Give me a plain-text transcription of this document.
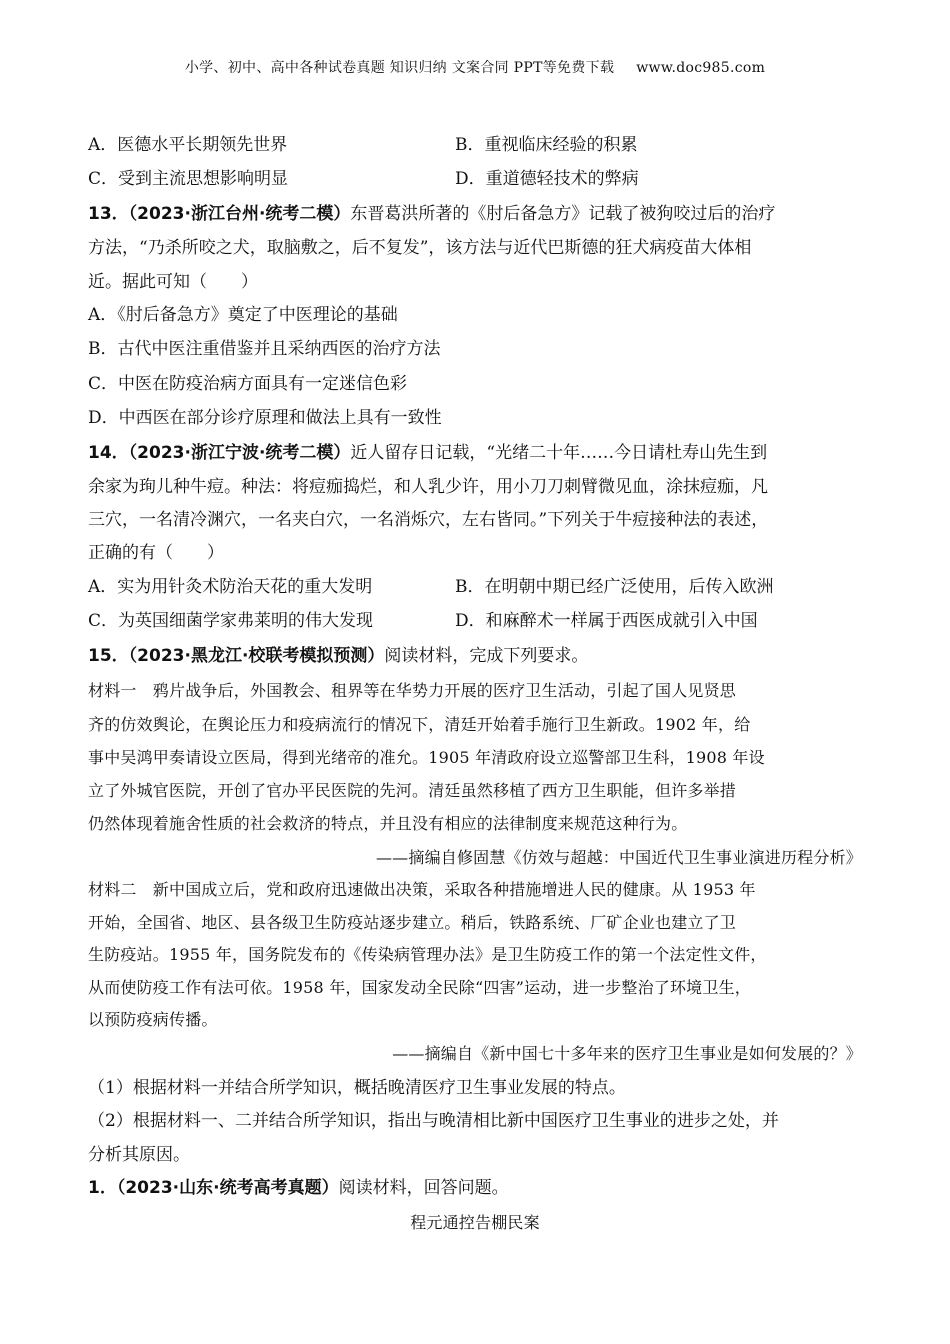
小学、初中、高中各种试卷真题 知识归纳 文案合同 PPT等免费下载 www.doc985.com
A．医德水平长期领先世界	B．重视临床经验的积累
C．受到主流思想影响明显	D．重道德轻技术的弊病
13．（2023·浙江台州·统考二模）东晋葛洪所著的《肘后备急方》记载了被狗咬过后的治疗
方法，“乃杀所咬之犬，取脑敷之，后不复发”，该方法与近代巴斯德的狂犬病疫苗大体相
近。据此可知（　　）
A．《肘后备急方》奠定了中医理论的基础
B．古代中医注重借鉴并且采纳西医的治疗方法
C．中医在防疫治病方面具有一定迷信色彩
D．中西医在部分诊疗原理和做法上具有一致性
14．（2023·浙江宁波·统考二模）近人留存日记载，“光绪二十年……今日请杜寿山先生到
余家为珣儿种牛痘。种法：将痘痂捣烂，和人乳少许，用小刀刀刺臂微见血，涂抹痘痂，凡
三穴，一名清冷渊穴，一名夹白穴，一名消烁穴，左右皆同。”下列关于牛痘接种法的表述，
正确的有（　　）
A．实为用针灸术防治天花的重大发明	B．在明朝中期已经广泛使用，后传入欧洲
C．为英国细菌学家弗莱明的伟大发现	D．和麻醉术一样属于西医成就引入中国
15．（2023·黑龙江·校联考模拟预测）阅读材料，完成下列要求。
材料一　鸦片战争后，外国教会、租界等在华势力开展的医疗卫生活动，引起了国人见贤思
齐的仿效舆论，在舆论压力和疫病流行的情况下，清廷开始着手施行卫生新政。1902 年，给
事中吴鸿甲奏请设立医局，得到光绪帝的准允。1905 年清政府设立巡警部卫生科，1908 年设
立了外城官医院，开创了官办平民医院的先河。清廷虽然移植了西方卫生职能，但许多举措
仍然体现着施舍性质的社会救济的特点，并且没有相应的法律制度来规范这种行为。
——摘编自修固慧《仿效与超越：中国近代卫生事业演进历程分析》
材料二　新中国成立后，党和政府迅速做出决策，采取各种措施增进人民的健康。从 1953 年
开始，全国省、地区、县各级卫生防疫站逐步建立。稍后，铁路系统、厂矿企业也建立了卫
生防疫站。1955 年，国务院发布的《传染病管理办法》是卫生防疫工作的第一个法定性文件，
从而使防疫工作有法可依。1958 年，国家发动全民除“四害”运动，进一步整治了环境卫生，
以预防疫病传播。
——摘编自《新中国七十多年来的医疗卫生事业是如何发展的？》
（1）根据材料一并结合所学知识，概括晚清医疗卫生事业发展的特点。
（2）根据材料一、二并结合所学知识，指出与晚清相比新中国医疗卫生事业的进步之处，并
分析其原因。
1．（2023·山东·统考高考真题）阅读材料，回答问题。
程元通控告棚民案
